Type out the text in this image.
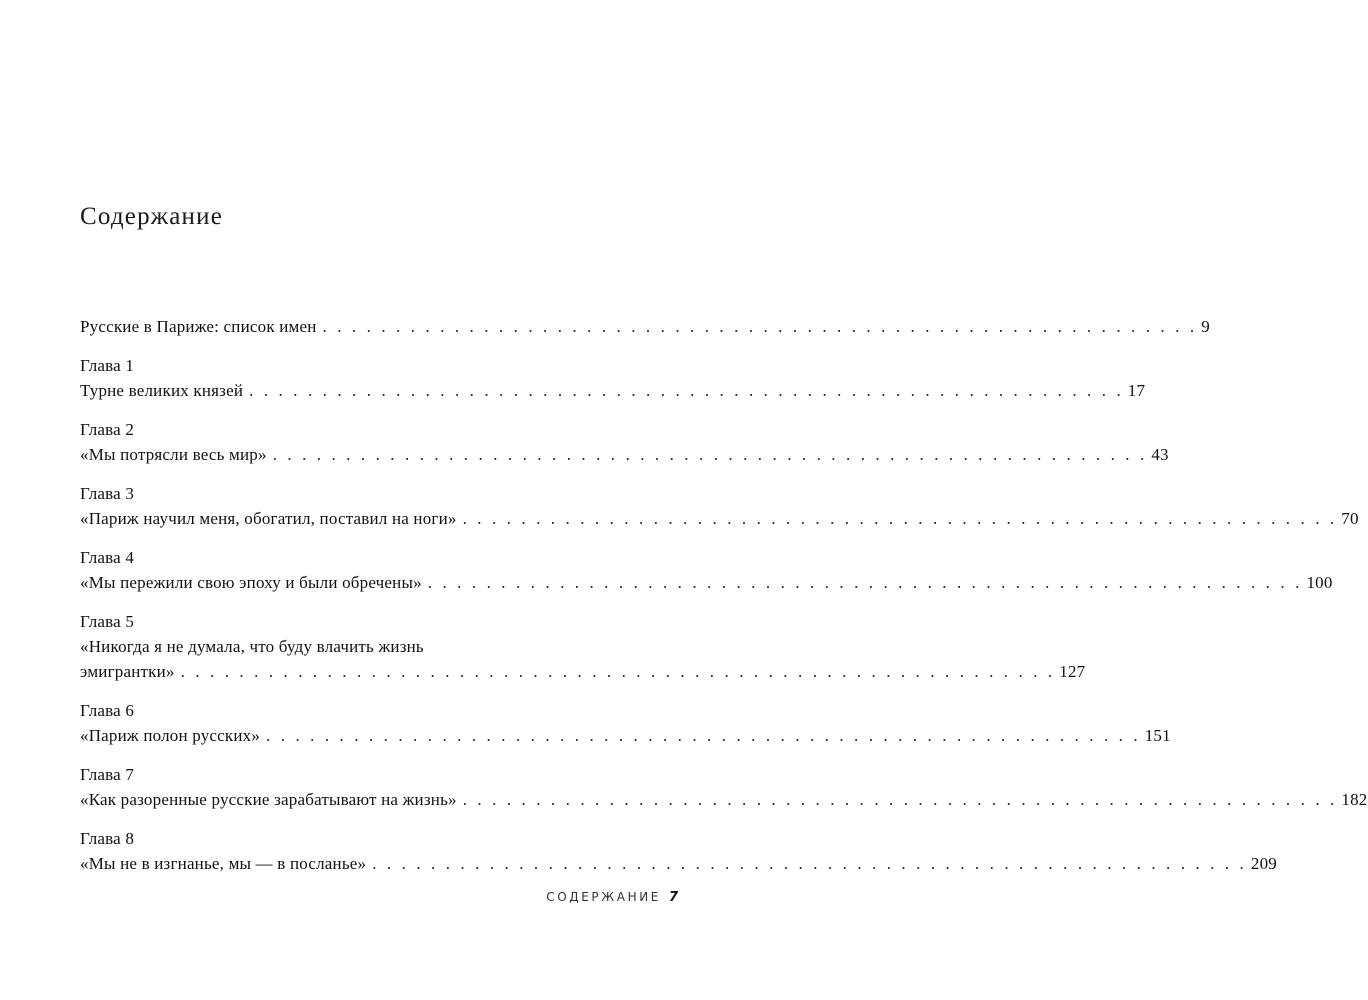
Содержание
Русские в Париже: список имен . . . . . . . . . . . . . . . . . . . . . . . . . . . . . . . . . . . . . . . . . . . . . . . . . . . . . . . . . . . . 9
Глава 1
Турне великих князей . . . . . . . . . . . . . . . . . . . . . . . . . . . . . . . . . . . . . . . . . . . . . . . . . . . . . . . . . . . . 17
Глава 2
«Мы потрясли весь мир» . . . . . . . . . . . . . . . . . . . . . . . . . . . . . . . . . . . . . . . . . . . . . . . . . . . . . . . . . . . . 43
Глава 3
«Париж научил меня, обогатил, поставил на ноги» . . . . . . . . . . . . . . . . . . . . . . . . . . . . . . . . . . . . . . . . . . . . . . . . . . . . . . . . . . . . 70
Глава 4
«Мы пережили свою эпоху и были обречены» . . . . . . . . . . . . . . . . . . . . . . . . . . . . . . . . . . . . . . . . . . . . . . . . . . . . . . . . . . . . 100
Глава 5
«Никогда я не думала, что буду влачить жизнь
эмигрантки» . . . . . . . . . . . . . . . . . . . . . . . . . . . . . . . . . . . . . . . . . . . . . . . . . . . . . . . . . . . . 127
Глава 6
«Париж полон русских» . . . . . . . . . . . . . . . . . . . . . . . . . . . . . . . . . . . . . . . . . . . . . . . . . . . . . . . . . . . . 151
Глава 7
«Как разоренные русские зарабатывают на жизнь» . . . . . . . . . . . . . . . . . . . . . . . . . . . . . . . . . . . . . . . . . . . . . . . . . . . . . . . . . . . . 182
Глава 8
«Мы не в изгнанье, мы — в посланье» . . . . . . . . . . . . . . . . . . . . . . . . . . . . . . . . . . . . . . . . . . . . . . . . . . . . . . . . . . . . 209
СОДЕРЖАНИЕ 7
